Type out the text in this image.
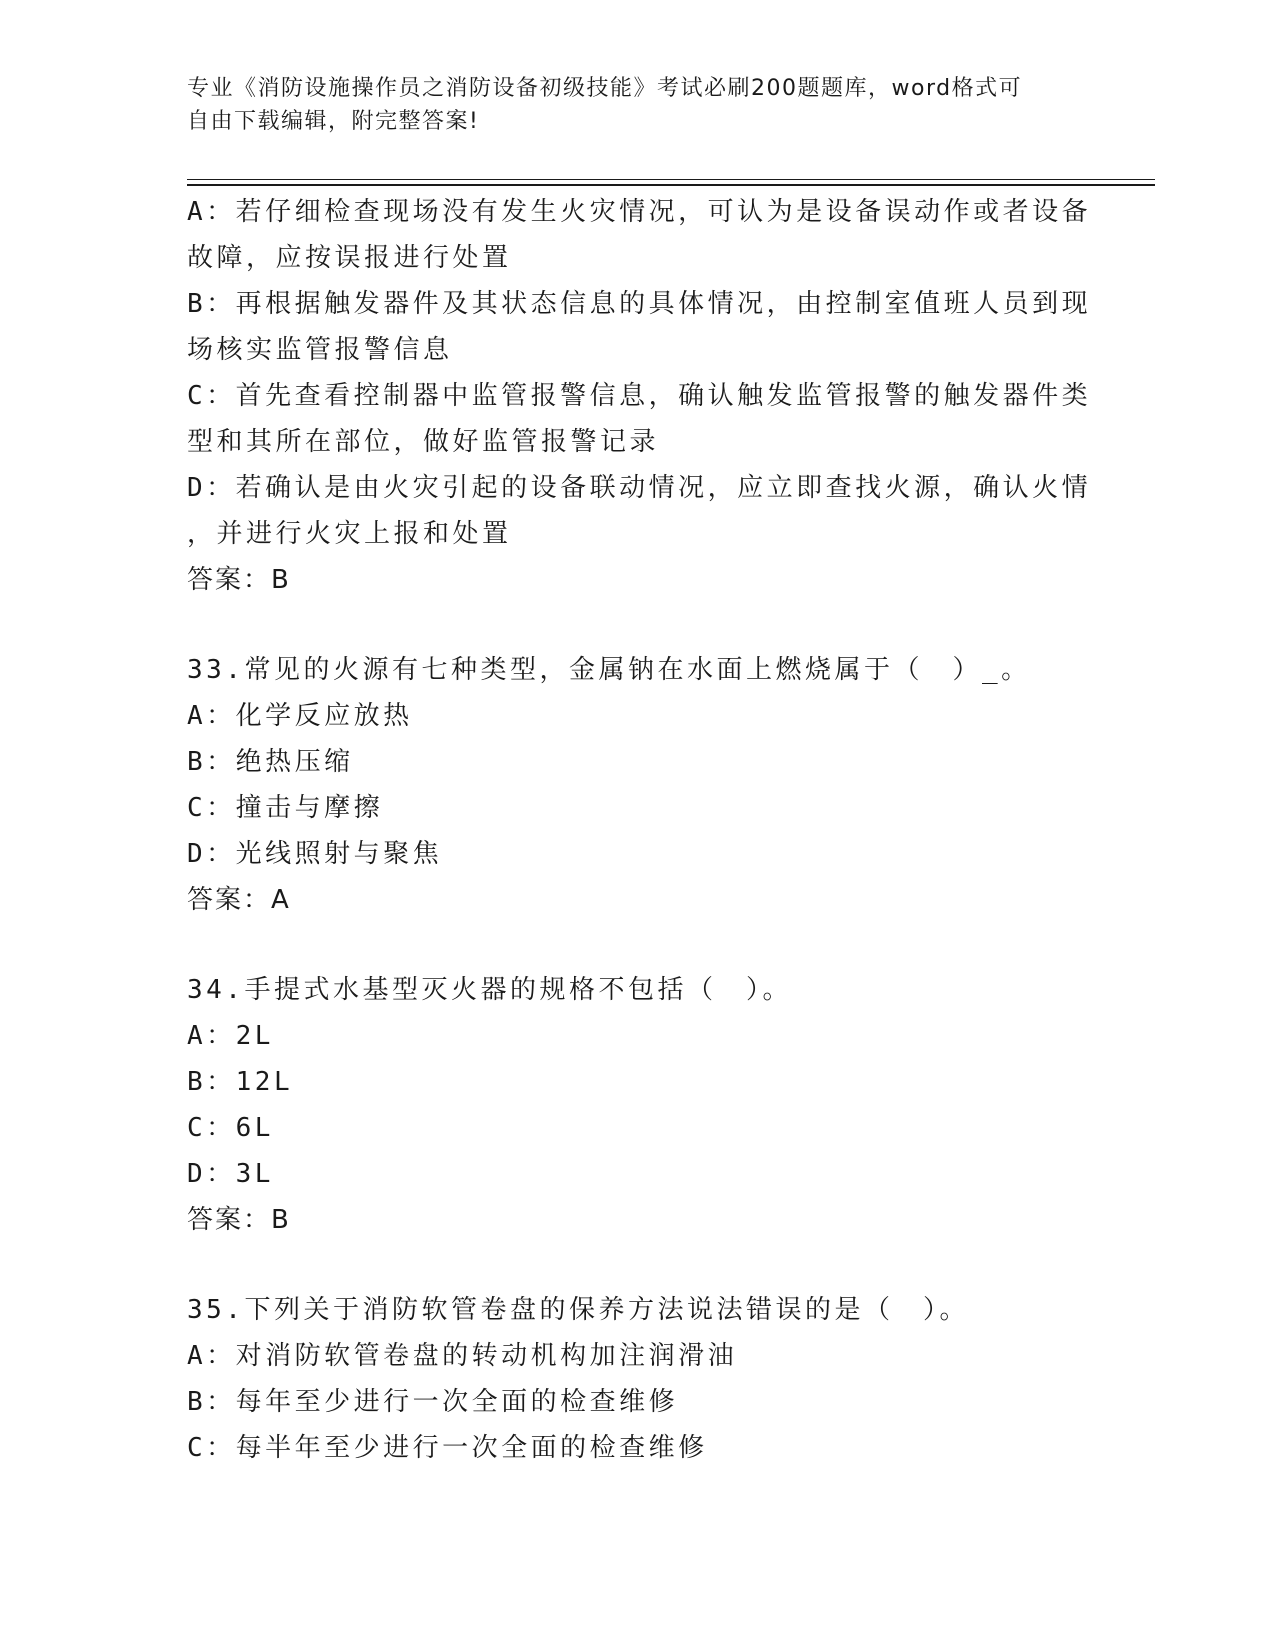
专业《消防设施操作员之消防设备初级技能》考试必刷200题题库，word格式可
自由下载编辑，附完整答案!
A：若仔细检查现场没有发生火灾情况，可认为是设备误动作或者设备
故障，应按误报进行处置
B：再根据触发器件及其状态信息的具体情况，由控制室值班人员到现
场核实监管报警信息
C：首先查看控制器中监管报警信息，确认触发监管报警的触发器件类
型和其所在部位，做好监管报警记录
D：若确认是由火灾引起的设备联动情况，应立即查找火源，确认火情
，并进行火灾上报和处置
答案：B
33.常见的火源有七种类型，金属钠在水面上燃烧属于（　）_。
A：化学反应放热
B：绝热压缩
C：撞击与摩擦
D：光线照射与聚焦
答案：A
34.手提式水基型灭火器的规格不包括（　）。
A：2L
B：12L
C：6L
D：3L
答案：B
35.下列关于消防软管卷盘的保养方法说法错误的是（　）。
A：对消防软管卷盘的转动机构加注润滑油
B：每年至少进行一次全面的检查维修
C：每半年至少进行一次全面的检查维修
